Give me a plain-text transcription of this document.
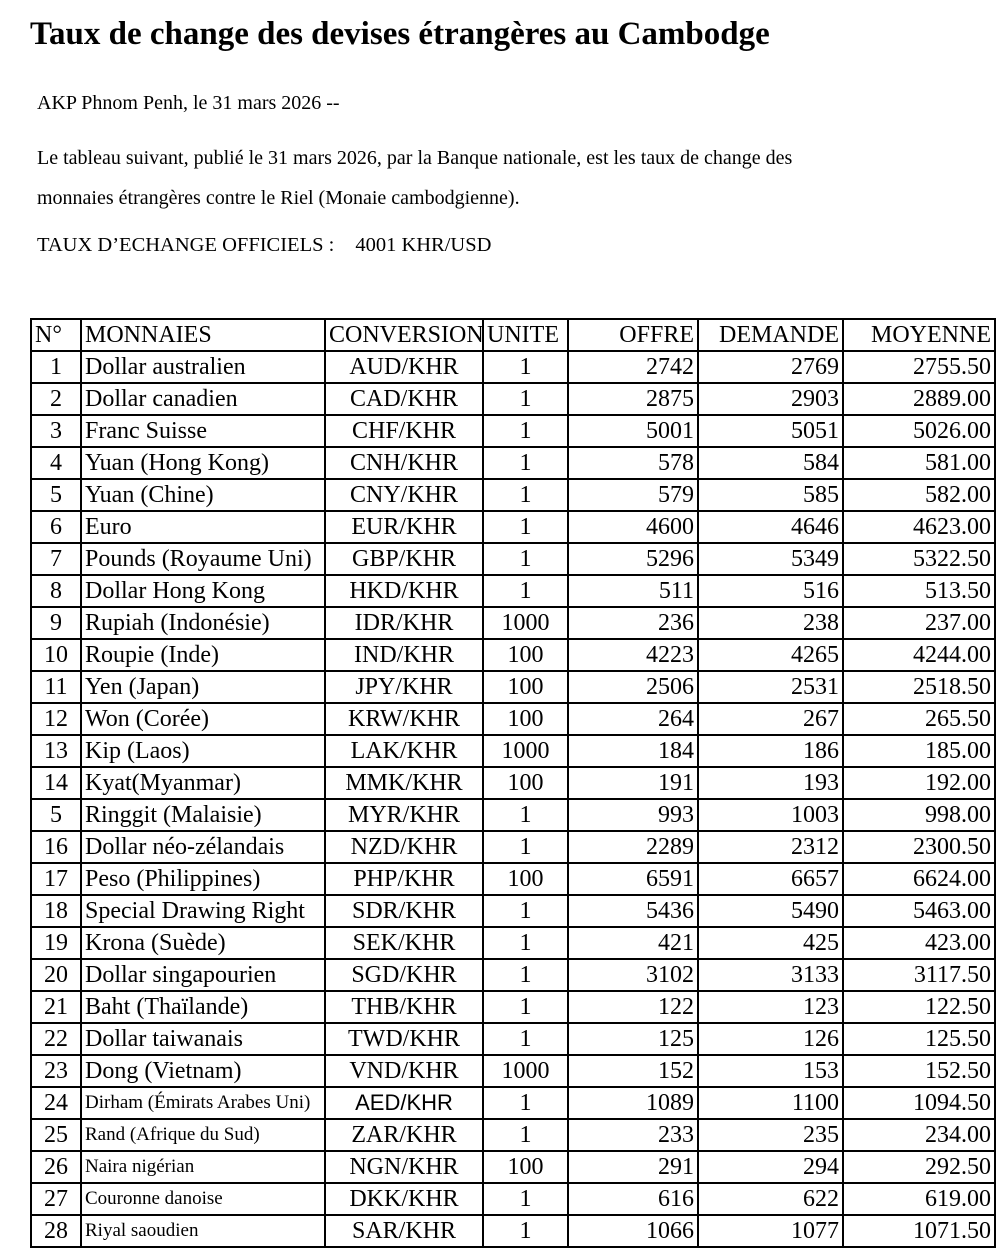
Taux de change des devises étrangères au Cambodge

AKP Phnom Penh, le 31 mars 2026 --

Le tableau suivant, publié le 31 mars 2026, par la Banque nationale, est les taux de change des
monnaies étrangères contre le Riel (Monaie cambodgienne).

TAUX D’ECHANGE OFFICIELS : 4001 KHR/USD

N°	MONNAIES	CONVERSION	UNITE	OFFRE	DEMANDE	MOYENNE
1	Dollar australien	AUD/KHR	1	2742	2769	2755.50
2	Dollar canadien	CAD/KHR	1	2875	2903	2889.00
3	Franc Suisse	CHF/KHR	1	5001	5051	5026.00
4	Yuan (Hong Kong)	CNH/KHR	1	578	584	581.00
5	Yuan (Chine)	CNY/KHR	1	579	585	582.00
6	Euro	EUR/KHR	1	4600	4646	4623.00
7	Pounds (Royaume Uni)	GBP/KHR	1	5296	5349	5322.50
8	Dollar Hong Kong	HKD/KHR	1	511	516	513.50
9	Rupiah (Indonésie)	IDR/KHR	1000	236	238	237.00
10	Roupie (Inde)	IND/KHR	100	4223	4265	4244.00
11	Yen (Japan)	JPY/KHR	100	2506	2531	2518.50
12	Won (Corée)	KRW/KHR	100	264	267	265.50
13	Kip (Laos)	LAK/KHR	1000	184	186	185.00
14	Kyat(Myanmar)	MMK/KHR	100	191	193	192.00
5	Ringgit (Malaisie)	MYR/KHR	1	993	1003	998.00
16	Dollar néo-zélandais	NZD/KHR	1	2289	2312	2300.50
17	Peso (Philippines)	PHP/KHR	100	6591	6657	6624.00
18	Special Drawing Right	SDR/KHR	1	5436	5490	5463.00
19	Krona (Suède)	SEK/KHR	1	421	425	423.00
20	Dollar singapourien	SGD/KHR	1	3102	3133	3117.50
21	Baht (Thaïlande)	THB/KHR	1	122	123	122.50
22	Dollar taiwanais	TWD/KHR	1	125	126	125.50
23	Dong (Vietnam)	VND/KHR	1000	152	153	152.50
24	Dirham (Émirats Arabes Uni)	AED/KHR	1	1089	1100	1094.50
25	Rand (Afrique du Sud)	ZAR/KHR	1	233	235	234.00
26	Naira nigérian	NGN/KHR	100	291	294	292.50
27	Couronne danoise	DKK/KHR	1	616	622	619.00
28	Riyal saoudien	SAR/KHR	1	1066	1077	1071.50
